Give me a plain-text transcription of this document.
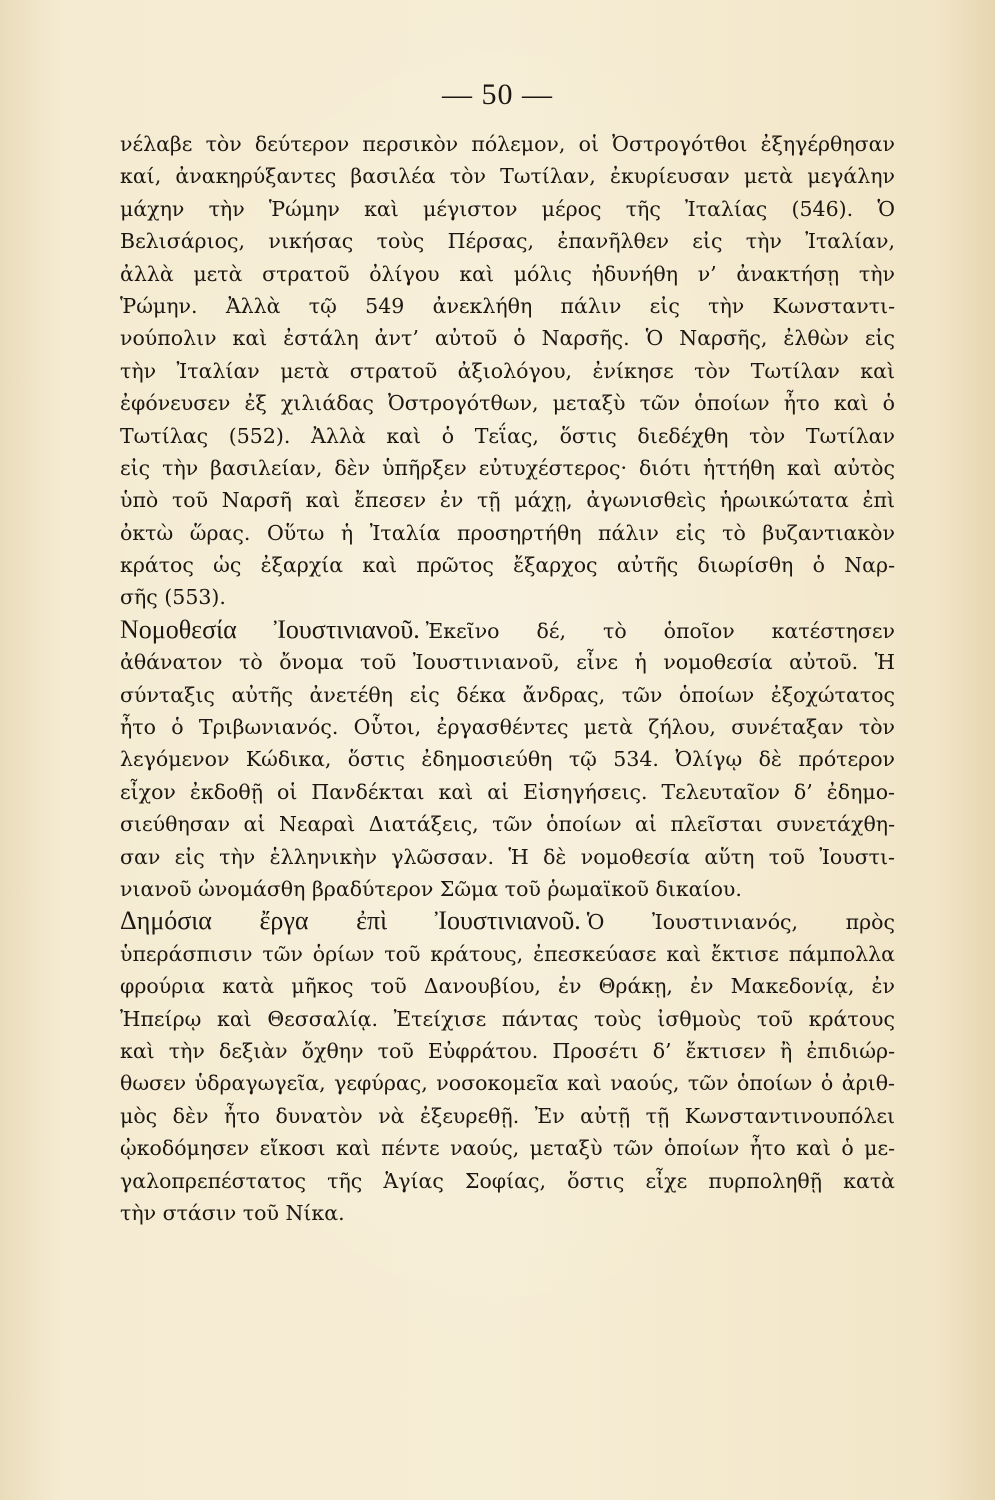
— 50 —
νέλαβε τὸν δεύτερον περσικὸν πόλεμον, οἱ Ὀστρογότθοι ἐξηγέρθησαν
καί, ἀνακηρύξαντες βασιλέα τὸν Τωτίλαν, ἐκυρίευσαν μετὰ μεγάλην
μάχην τὴν Ῥώμην καὶ μέγιστον μέρος τῆς Ἰταλίας (546). Ὁ
Βελισάριος, νικήσας τοὺς Πέρσας, ἐπανῆλθεν εἰς τὴν Ἰταλίαν,
ἀλλὰ μετὰ στρατοῦ ὀλίγου καὶ μόλις ἠδυνήθη ν’ ἀνακτήσῃ τὴν
Ῥώμην. Ἀλλὰ τῷ 549 ἀνεκλήθη πάλιν εἰς τὴν Κωνσταντι-
νούπολιν καὶ ἐστάλη ἀντ’ αὐτοῦ ὁ Ναρσῆς. Ὁ Ναρσῆς, ἐλθὼν εἰς
τὴν Ἰταλίαν μετὰ στρατοῦ ἀξιολόγου, ἐνίκησε τὸν Τωτίλαν καὶ
ἐφόνευσεν ἐξ χιλιάδας Ὀστρογότθων, μεταξὺ τῶν ὁποίων ἦτο καὶ ὁ
Τωτίλας (552). Ἀλλὰ καὶ ὁ Τεΐας, ὅστις διεδέχθη τὸν Τωτίλαν
εἰς τὴν βασιλείαν, δὲν ὑπῆρξεν εὐτυχέστερος· διότι ἡττήθη καὶ αὐτὸς
ὑπὸ τοῦ Ναρσῆ καὶ ἔπεσεν ἐν τῇ μάχῃ, ἀγωνισθεὶς ἡρωικώτατα ἐπὶ
ὀκτὼ ὥρας. Οὕτω ἡ Ἰταλία προσηρτήθη πάλιν εἰς τὸ βυζαντιακὸν
κράτος ὡς ἐξαρχία καὶ πρῶτος ἔξαρχος αὐτῆς διωρίσθη ὁ Ναρ-
σῆς (553).
Νομοθεσία Ἰουστινιανοῦ. Ἐκεῖνο δέ, τὸ ὁποῖον κατέστησεν
ἀθάνατον τὸ ὄνομα τοῦ Ἰουστινιανοῦ, εἶνε ἡ νομοθεσία αὐτοῦ. Ἡ
σύνταξις αὐτῆς ἀνετέθη εἰς δέκα ἄνδρας, τῶν ὁποίων ἐξοχώτατος
ἦτο ὁ Τριβωνιανός. Οὗτοι, ἐργασθέντες μετὰ ζήλου, συνέταξαν τὸν
λεγόμενον Κώδικα, ὅστις ἐδημοσιεύθη τῷ 534. Ὀλίγῳ δὲ πρότερον
εἶχον ἐκδοθῇ οἱ Πανδέκται καὶ αἱ Εἰσηγήσεις. Τελευταῖον δ’ ἐδημο-
σιεύθησαν αἱ Νεαραὶ Διατάξεις, τῶν ὁποίων αἱ πλεῖσται συνετάχθη-
σαν εἰς τὴν ἑλληνικὴν γλῶσσαν. Ἡ δὲ νομοθεσία αὕτη τοῦ Ἰουστι-
νιανοῦ ὠνομάσθη βραδύτερον Σῶμα τοῦ ῥωμαϊκοῦ δικαίου.
Δημόσια ἔργα ἐπὶ Ἰουστινιανοῦ. Ὁ Ἰουστινιανός, πρὸς
ὑπεράσπισιν τῶν ὁρίων τοῦ κράτους, ἐπεσκεύασε καὶ ἔκτισε πάμπολλα
φρούρια κατὰ μῆκος τοῦ Δανουβίου, ἐν Θράκῃ, ἐν Μακεδονίᾳ, ἐν
Ἠπείρῳ καὶ Θεσσαλίᾳ. Ἐτείχισε πάντας τοὺς ἰσθμοὺς τοῦ κράτους
καὶ τὴν δεξιὰν ὄχθην τοῦ Εὐφράτου. Προσέτι δ’ ἔκτισεν ἢ ἐπιδιώρ-
θωσεν ὑδραγωγεῖα, γεφύρας, νοσοκομεῖα καὶ ναούς, τῶν ὁποίων ὁ ἀριθ-
μὸς δὲν ἦτο δυνατὸν νὰ ἐξευρεθῇ. Ἐν αὐτῇ τῇ Κωνσταντινουπόλει
ᾠκοδόμησεν εἴκοσι καὶ πέντε ναούς, μεταξὺ τῶν ὁποίων ἦτο καὶ ὁ με-
γαλοπρεπέστατος τῆς Ἁγίας Σοφίας, ὅστις εἶχε πυρποληθῇ κατὰ
τὴν στάσιν τοῦ Νίκα.
